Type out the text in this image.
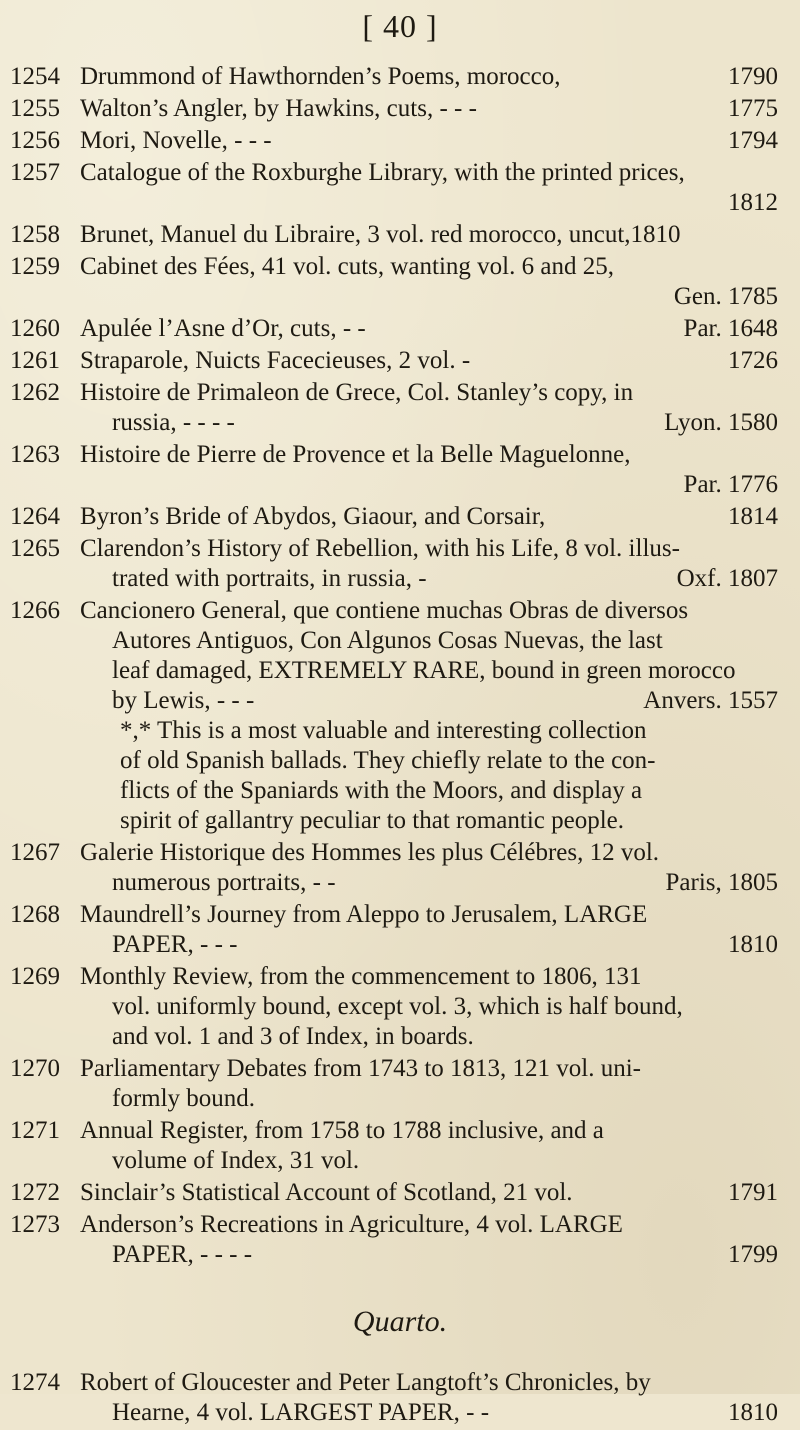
[ 40 ]
1254 Drummond of Hawthornden’s Poems, morocco,	1790
1255 Walton’s Angler, by Hawkins, cuts, - - -	1775
1256 Mori, Novelle, - - -	1794
1257 Catalogue of the Roxburghe Library, with the printed prices,
1812
1258 Brunet, Manuel du Libraire, 3 vol. red morocco, uncut,1810
1259 Cabinet des Fées, 41 vol. cuts, wanting vol. 6 and 25,
Gen. 1785
1260 Apulée l’Asne d’Or, cuts, - -	Par. 1648
1261 Straparole, Nuicts Facecieuses, 2 vol. -	1726
1262 Histoire de Primaleon de Grece, Col. Stanley’s copy, in
russia, - - - -	Lyon. 1580
1263 Histoire de Pierre de Provence et la Belle Maguelonne,
Par. 1776
1264 Byron’s Bride of Abydos, Giaour, and Corsair,	1814
1265 Clarendon’s History of Rebellion, with his Life, 8 vol. illus-
trated with portraits, in russia, -	Oxf. 1807
1266 Cancionero General, que contiene muchas Obras de diversos
Autores Antiguos, Con Algunos Cosas Nuevas, the last
leaf damaged, EXTREMELY RARE, bound in green morocco
by Lewis, - - -	Anvers. 1557
*,* This is a most valuable and interesting collection
of old Spanish ballads. They chiefly relate to the con-
flicts of the Spaniards with the Moors, and display a
spirit of gallantry peculiar to that romantic people.
1267 Galerie Historique des Hommes les plus Célébres, 12 vol.
numerous portraits, - -	Paris, 1805
1268 Maundrell’s Journey from Aleppo to Jerusalem, LARGE
PAPER, - - -	1810
1269 Monthly Review, from the commencement to 1806, 131
vol. uniformly bound, except vol. 3, which is half bound,
and vol. 1 and 3 of Index, in boards.
1270 Parliamentary Debates from 1743 to 1813, 121 vol. uni-
formly bound.
1271 Annual Register, from 1758 to 1788 inclusive, and a
volume of Index, 31 vol.
1272 Sinclair’s Statistical Account of Scotland, 21 vol.	1791
1273 Anderson’s Recreations in Agriculture, 4 vol. LARGE
PAPER, - - - -	1799
Quarto.
1274 Robert of Gloucester and Peter Langtoft’s Chronicles, by
Hearne, 4 vol. LARGEST PAPER, - -	1810
